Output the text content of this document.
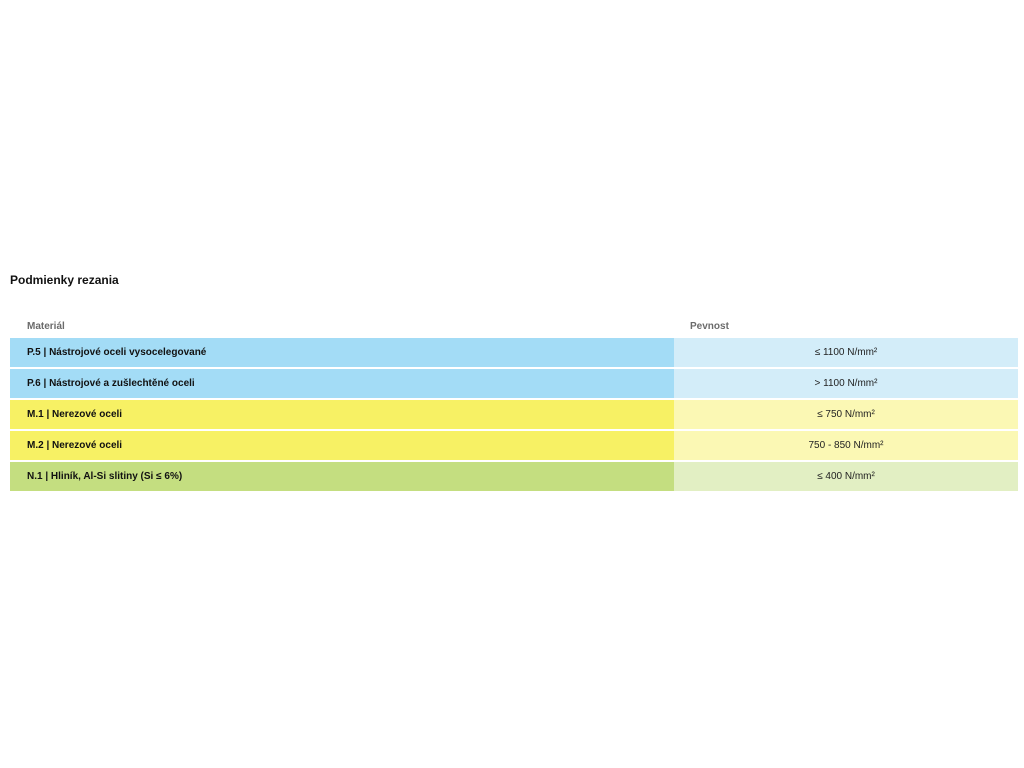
Podmienky rezania
Materiál	Pevnost
P.5 | Nástrojové oceli vysocelegované	≤ 1100 N/mm²
P.6 | Nástrojové a zušlechtěné oceli	> 1100 N/mm²
M.1 | Nerezové oceli	≤ 750 N/mm²
M.2 | Nerezové oceli	750 - 850 N/mm²
N.1 | Hliník, Al-Si slitiny (Si ≤ 6%)	≤ 400 N/mm²
